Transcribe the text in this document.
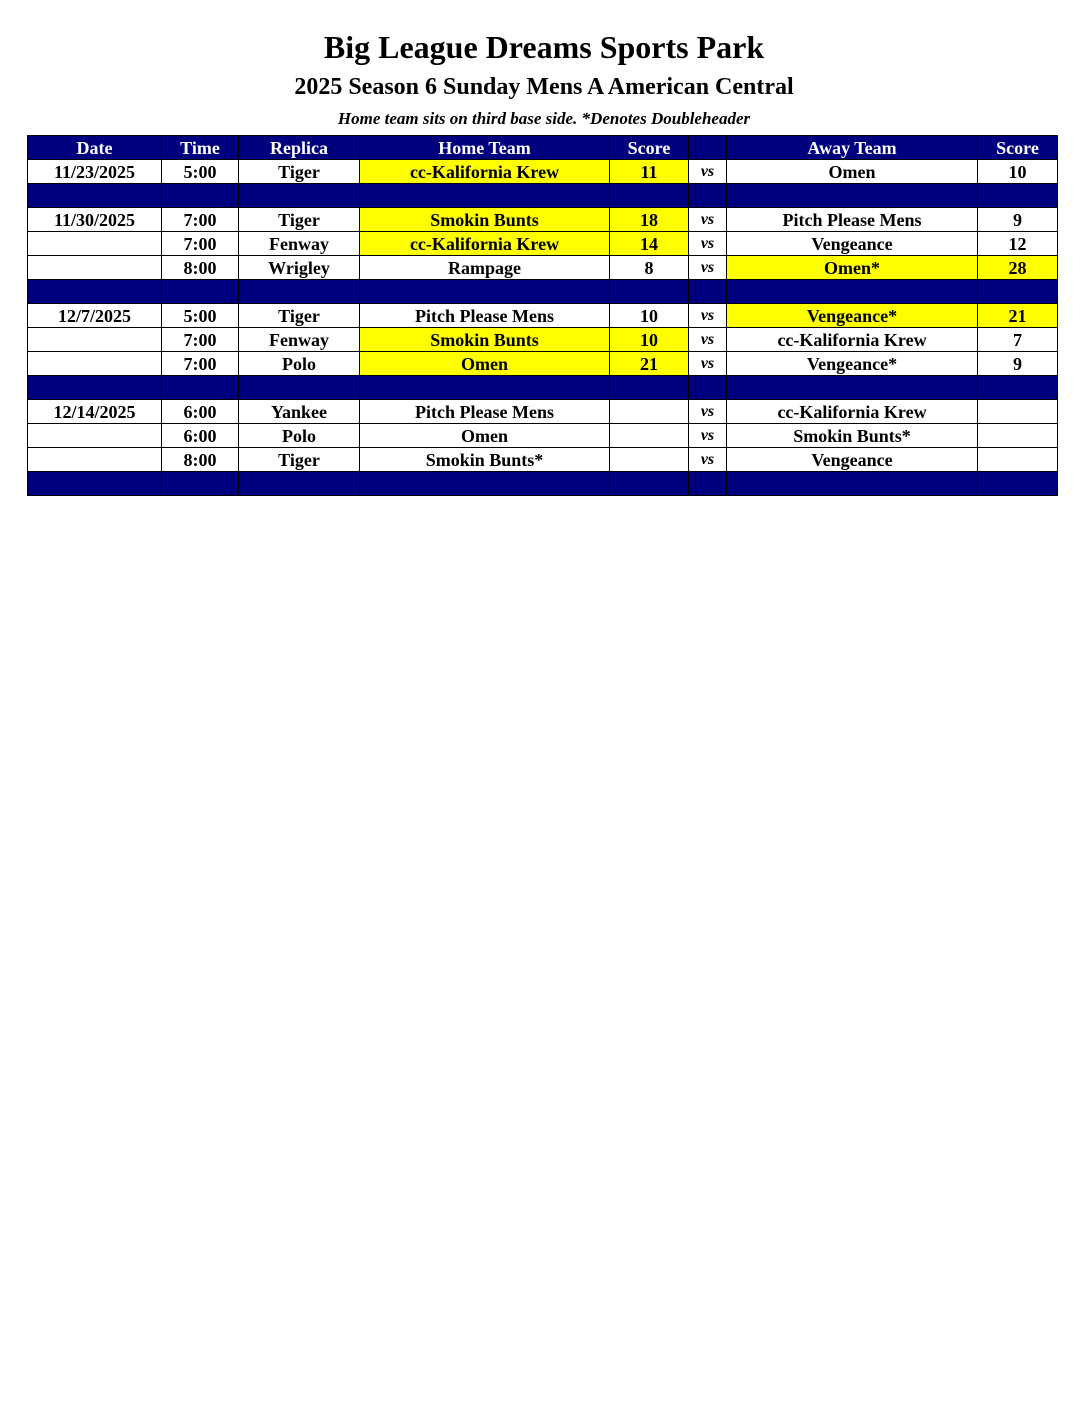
Big League Dreams Sports Park
2025 Season 6 Sunday Mens A American Central
Home team sits on third base side. *Denotes Doubleheader
Date	Time	Replica	Home Team	Score		Away Team	Score
11/23/2025	5:00	Tiger	cc-Kalifornia Krew	11	vs	Omen	10

11/30/2025	7:00	Tiger	Smokin Bunts	18	vs	Pitch Please Mens	9
	7:00	Fenway	cc-Kalifornia Krew	14	vs	Vengeance	12
	8:00	Wrigley	Rampage	8	vs	Omen*	28

12/7/2025	5:00	Tiger	Pitch Please Mens	10	vs	Vengeance*	21
	7:00	Fenway	Smokin Bunts	10	vs	cc-Kalifornia Krew	7
	7:00	Polo	Omen	21	vs	Vengeance*	9

12/14/2025	6:00	Yankee	Pitch Please Mens		vs	cc-Kalifornia Krew	
	6:00	Polo	Omen		vs	Smokin Bunts*	
	8:00	Tiger	Smokin Bunts*		vs	Vengeance	
